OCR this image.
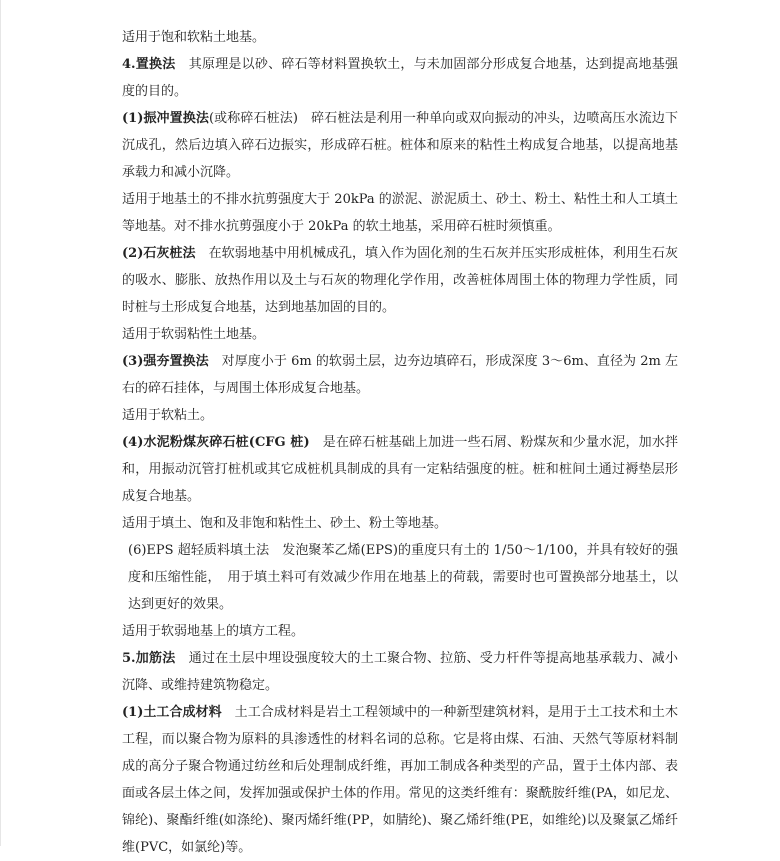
适用于饱和软粘土地基。

4.置换法 其原理是以砂、碎石等材料置换软土，与未加固部分形成复合地基，达到提高地基强度的目的。

(1)振冲置换法(或称碎石桩法)　碎石桩法是利用一种单向或双向振动的冲头，边喷高压水流边下沉成孔，然后边填入碎石边振实，形成碎石桩。桩体和原来的粘性土构成复合地基，以提高地基承载力和减小沉降。

适用于地基土的不排水抗剪强度大于 20kPa 的淤泥、淤泥质土、砂土、粉土、粘性土和人工填土等地基。对不排水抗剪强度小于 20kPa 的软土地基，采用碎石桩时须慎重。

(2)石灰桩法 在软弱地基中用机械成孔，填入作为固化剂的生石灰并压实形成桩体，利用生石灰的吸水、膨胀、放热作用以及土与石灰的物理化学作用，改善桩体周围土体的物理力学性质，同时桩与土形成复合地基，达到地基加固的目的。

适用于软弱粘性土地基。

(3)强夯置换法 对厚度小于 6m 的软弱土层，边夯边填碎石，形成深度 3～6m、直径为 2m 左右的碎石挂体，与周围土体形成复合地基。

适用于软粘土。

(4)水泥粉煤灰碎石桩(CFG 桩) 是在碎石桩基础上加进一些石屑、粉煤灰和少量水泥，加水拌和，用振动沉管打桩机或其它成桩机具制成的具有一定粘结强度的桩。桩和桩间土通过褥垫层形成复合地基。

适用于填土、饱和及非饱和粘性土、砂土、粉土等地基。

(6)EPS 超轻质料填土法 发泡聚苯乙烯(EPS)的重度只有土的 1/50～1/100，并具有较好的强度和压缩性能，　用于填土料可有效减少作用在地基上的荷载，需要时也可置换部分地基土，以达到更好的效果。

适用于软弱地基上的填方工程。

5.加筋法 通过在土层中埋设强度较大的土工聚合物、拉筋、受力杆件等提高地基承载力、减小沉降、或维持建筑物稳定。

(1)土工合成材料 土工合成材料是岩土工程领域中的一种新型建筑材料，是用于土工技术和土木工程，而以聚合物为原料的具渗透性的材料名词的总称。它是将由煤、石油、天然气等原材料制成的高分子聚合物通过纺丝和后处理制成纤维，再加工制成各种类型的产品，置于土体内部、表面或各层土体之间，发挥加强或保护土体的作用。常见的这类纤维有：聚酰胺纤维(PA，如尼龙、锦纶)、聚酯纤维(如涤纶)、聚丙烯纤维(PP，如腈纶)、聚乙烯纤维(PE，如维纶)以及聚氯乙烯纤维(PVC，如氯纶)等。
